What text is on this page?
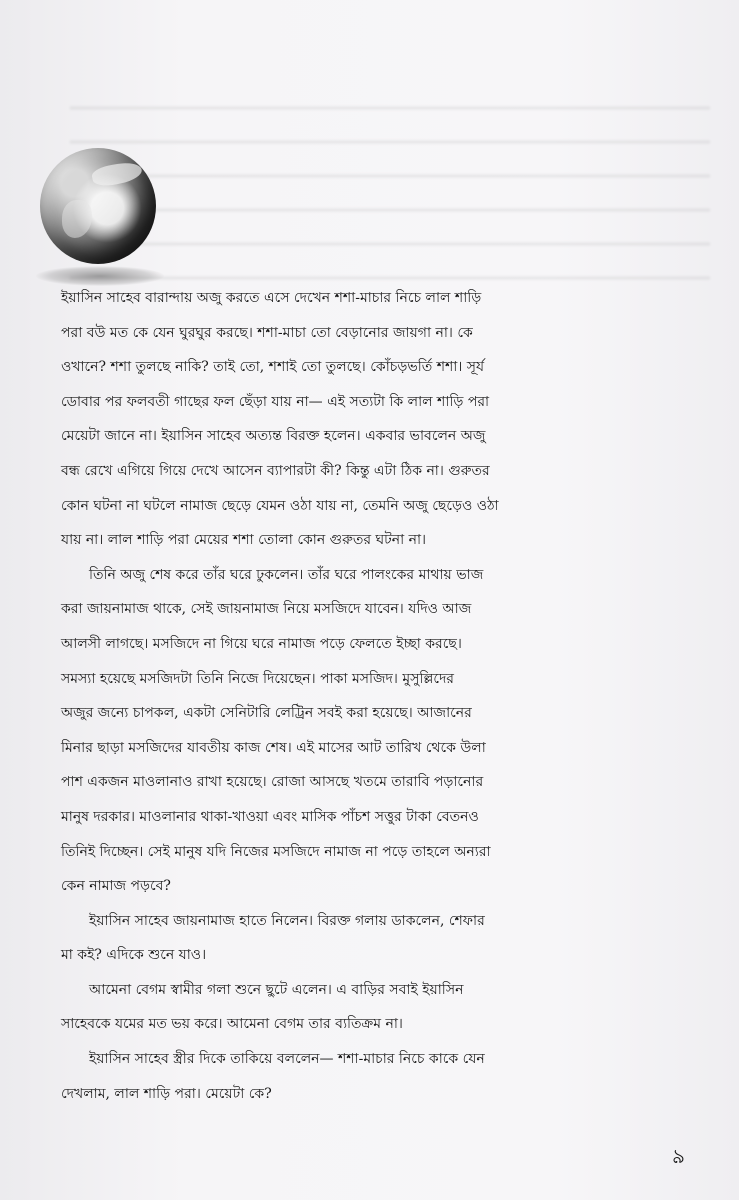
ইয়াসিন সাহেব বারান্দায় অজু করতে এসে দেখেন শশা-মাচার নিচে লাল শাড়ি
পরা বউ মত কে যেন ঘুরঘুর করছে। শশা-মাচা তো বেড়ানোর জায়গা না। কে
ওখানে? শশা তুলছে নাকি? তাই তো, শশাই তো তুলছে। কোঁচড়ভর্তি শশা। সূর্য
ডোবার পর ফলবতী গাছের ফল ছেঁড়া যায় না— এই সত্যটা কি লাল শাড়ি পরা
মেয়েটা জানে না। ইয়াসিন সাহেব অত্যন্ত বিরক্ত হলেন। একবার ভাবলেন অজু
বন্ধ রেখে এগিয়ে গিয়ে দেখে আসেন ব্যাপারটা কী? কিন্তু এটা ঠিক না। গুরুতর
কোন ঘটনা না ঘটলে নামাজ ছেড়ে যেমন ওঠা যায় না, তেমনি অজু ছেড়েও ওঠা
যায় না। লাল শাড়ি পরা মেয়ের শশা তোলা কোন গুরুতর ঘটনা না।
তিনি অজু শেষ করে তাঁর ঘরে ঢুকলেন। তাঁর ঘরে পালংকের মাথায় ভাজ
করা জায়নামাজ থাকে, সেই জায়নামাজ নিয়ে মসজিদে যাবেন। যদিও আজ
আলসী লাগছে। মসজিদে না গিয়ে ঘরে নামাজ পড়ে ফেলতে ইচ্ছা করছে।
সমস্যা হয়েছে মসজিদটা তিনি নিজে দিয়েছেন। পাকা মসজিদ। মুসুল্লিদের
অজুর জন্যে চাপকল, একটা সেনিটারি লেট্রিন সবই করা হয়েছে। আজানের
মিনার ছাড়া মসজিদের যাবতীয় কাজ শেষ। এই মাসের আট তারিখ থেকে উলা
পাশ একজন মাওলানাও রাখা হয়েছে। রোজা আসছে খতমে তারাবি পড়ানোর
মানুষ দরকার। মাওলানার থাকা-খাওয়া এবং মাসিক পাঁচশ সত্তুর টাকা বেতনও
তিনিই দিচ্ছেন। সেই মানুষ যদি নিজের মসজিদে নামাজ না পড়ে তাহলে অন্যরা
কেন নামাজ পড়বে?
ইয়াসিন সাহেব জায়নামাজ হাতে নিলেন। বিরক্ত গলায় ডাকলেন, শেফার
মা কই? এদিকে শুনে যাও।
আমেনা বেগম স্বামীর গলা শুনে ছুটে এলেন। এ বাড়ির সবাই ইয়াসিন
সাহেবকে যমের মত ভয় করে। আমেনা বেগম তার ব্যতিক্রম না।
ইয়াসিন সাহেব স্ত্রীর দিকে তাকিয়ে বললেন— শশা-মাচার নিচে কাকে যেন
দেখলাম, লাল শাড়ি পরা। মেয়েটা কে?
৯
